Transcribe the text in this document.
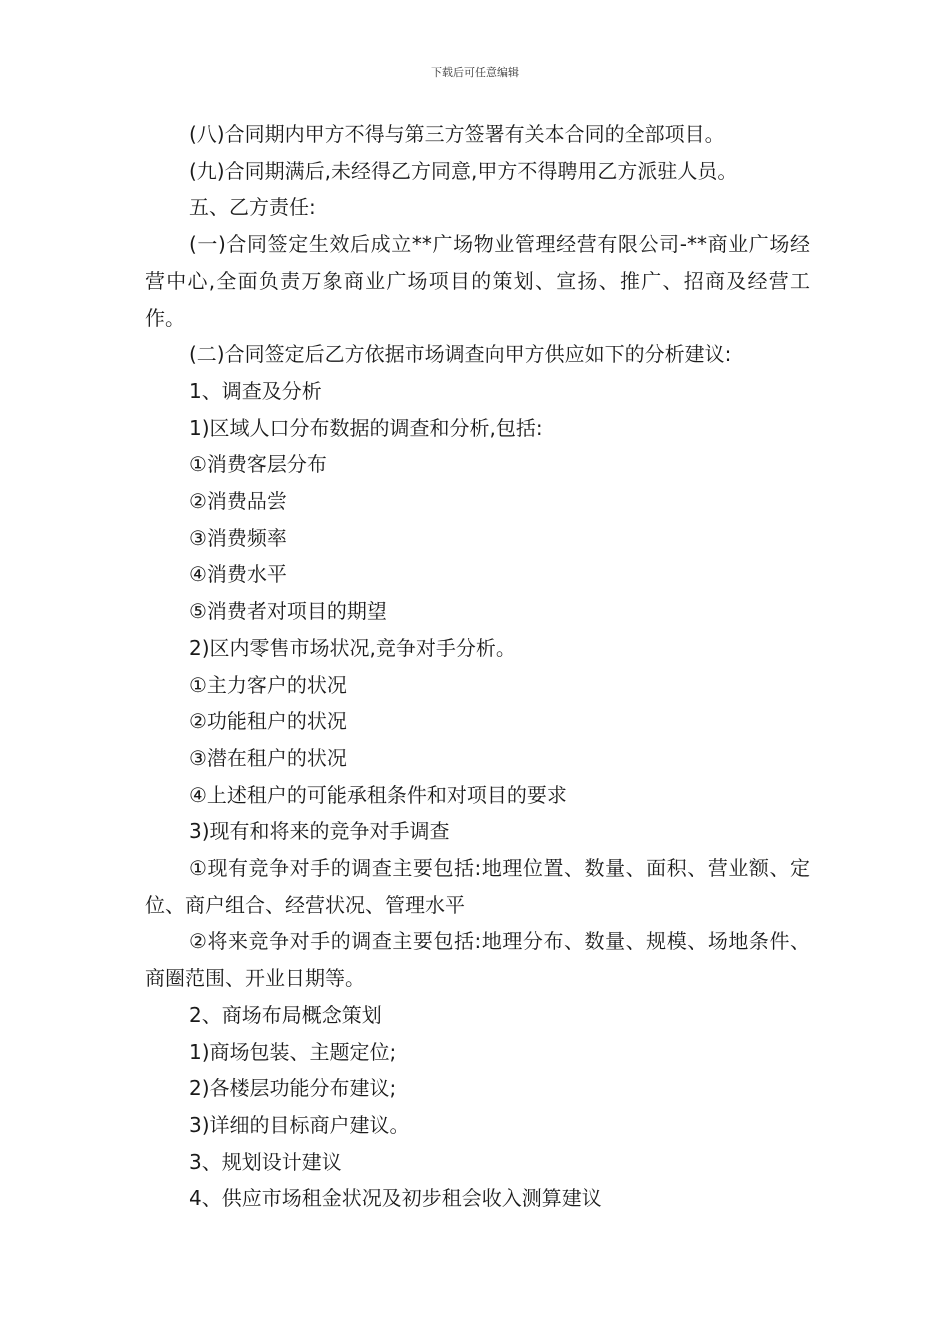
下载后可任意编辑

(八)合同期内甲方不得与第三方签署有关本合同的全部项目。

(九)合同期满后,未经得乙方同意,甲方不得聘用乙方派驻人员。

五、乙方责任:

(一)合同签定生效后成立**广场物业管理经营有限公司-**商业广场经营中心,全面负责万象商业广场项目的策划、宣扬、推广、招商及经营工作。

(二)合同签定后乙方依据市场调查向甲方供应如下的分析建议:

1、调查及分析

1)区域人口分布数据的调查和分析,包括:

①消费客层分布

②消费品尝

③消费频率

④消费水平

⑤消费者对项目的期望

2)区内零售市场状况,竞争对手分析。

①主力客户的状况

②功能租户的状况

③潜在租户的状况

④上述租户的可能承租条件和对项目的要求

3)现有和将来的竞争对手调查

①现有竞争对手的调查主要包括:地理位置、数量、面积、营业额、定位、商户组合、经营状况、管理水平

②将来竞争对手的调查主要包括:地理分布、数量、规模、场地条件、商圈范围、开业日期等。

2、商场布局概念策划

1)商场包装、主题定位;

2)各楼层功能分布建议;

3)详细的目标商户建议。

3、规划设计建议

4、供应市场租金状况及初步租会收入测算建议
